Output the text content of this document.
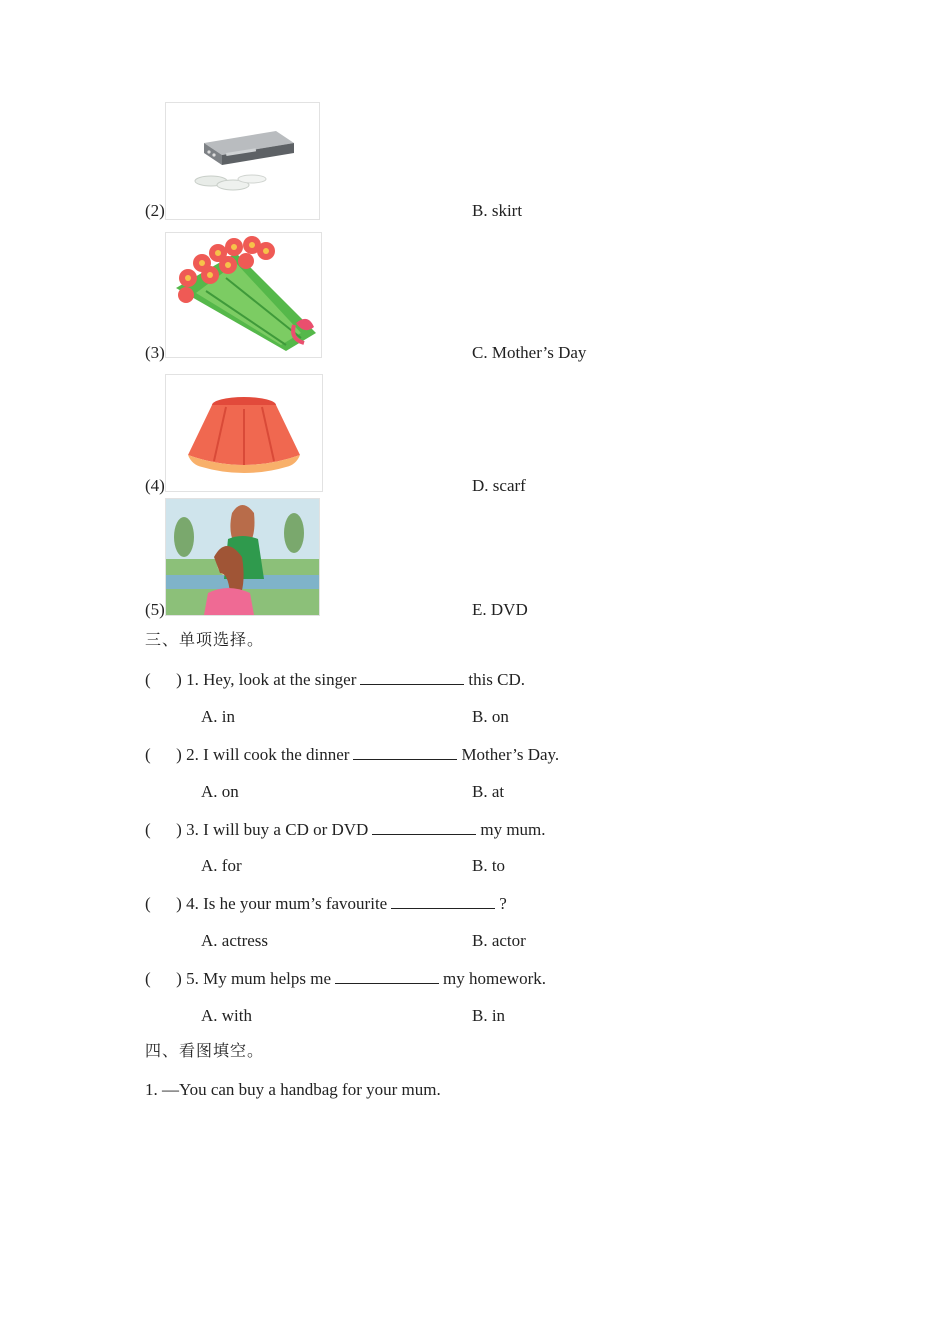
(2)	B. skirt
(3)	C. Mother’s Day
(4)	D. scarf
(5)	E. DVD
三、单项选择。
(      ) 1. Hey, look at the singer	this CD.
A. in	B. on
(      ) 2. I will cook the dinner	Mother’s Day.
A. on	B. at
(      ) 3. I will buy a CD or DVD	my mum.
A. for	B. to
(      ) 4. Is he your mum’s favourite	?
A. actress	B. actor
(      ) 5. My mum helps me	my homework.
A. with	B. in
四、看图填空。
1. —You can buy a handbag for your mum.
